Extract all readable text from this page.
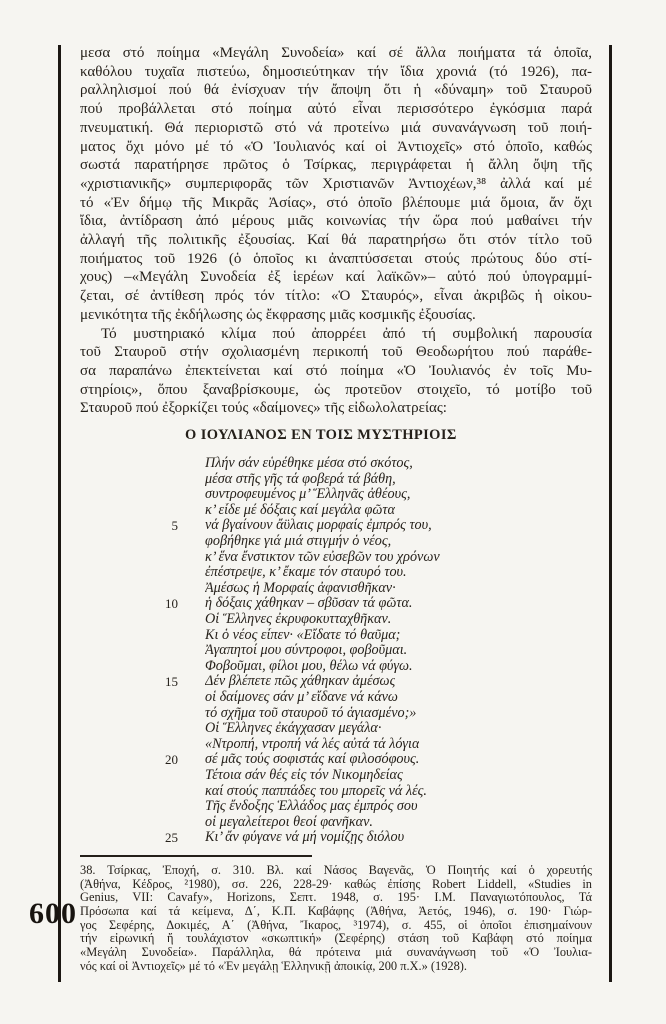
600
μεσα στό ποίημα «Μεγάλη Συνοδεία» καί σέ ἄλλα ποιήματα τά ὁποῖα,
καθόλου τυχαῖα πιστεύω, δημοσιεύτηκαν τήν ἴδια χρονιά (τό 1926), πα-
ραλληλισμοί πού θά ἐνίσχυαν τήν ἄποψη ὅτι ἡ «δύναμη» τοῦ Σταυροῦ
πού προβάλλεται στό ποίημα αὐτό εἶναι περισσότερο ἐγκόσμια παρά
πνευματική. Θά περιοριστῶ στό νά προτείνω μιά συνανάγνωση τοῦ ποιή-
ματος ὄχι μόνο μέ τό «Ὁ Ἰουλιανός καί οἱ Ἀντιοχεῖς» στό ὁποῖο, καθώς
σωστά παρατήρησε πρῶτος ὁ Τσίρκας, περιγράφεται ἡ ἄλλη ὄψη τῆς
«χριστιανικῆς» συμπεριφορᾶς τῶν Χριστιανῶν Ἀντιοχέων,³⁸ ἀλλά καί μέ
τό «Ἐν δήμῳ τῆς Μικρᾶς Ἀσίας», στό ὁποῖο βλέπουμε μιά ὅμοια, ἄν ὄχι
ἴδια, ἀντίδραση ἀπό μέρους μιᾶς κοινωνίας τήν ὥρα πού μαθαίνει τήν
ἀλλαγή τῆς πολιτικῆς ἐξουσίας. Καί θά παρατηρήσω ὅτι στόν τίτλο τοῦ
ποιήματος τοῦ 1926 (ὁ ὁποῖος κι ἀναπτύσσεται στούς πρώτους δύο στί-
χους) –«Μεγάλη Συνοδεία ἐξ ἱερέων καί λαϊκῶν»– αὐτό πού ὑπογραμμί-
ζεται, σέ ἀντίθεση πρός τόν τίτλο: «Ὁ Σταυρός», εἶναι ἀκριβῶς ἡ οἰκου-
μενικότητα τῆς ἐκδήλωσης ὡς ἔκφρασης μιᾶς κοσμικῆς ἐξουσίας.
Τό μυστηριακό κλίμα πού ἀπορρέει ἀπό τή συμβολική παρουσία
τοῦ Σταυροῦ στήν σχολιασμένη περικοπή τοῦ Θεοδωρήτου πού παράθε-
σα παραπάνω ἐπεκτείνεται καί στό ποίημα «Ὁ Ἰουλιανός ἐν τοῖς Μυ-
στηρίοις», ὅπου ξαναβρίσκουμε, ὡς προτεῦον στοιχεῖο, τό μοτίβο τοῦ
Σταυροῦ πού ἐξορκίζει τούς «δαίμονες» τῆς εἰδωλολατρείας:
Ο ΙΟΥΛΙΑΝΟΣ ΕΝ ΤΟΙΣ ΜΥΣΤΗΡΙΟΙΣ
Πλήν σάν εὑρέθηκε μέσα στό σκότος,
μέσα στῆς γῆς τά φοβερά τά βάθη,
συντροφευμένος μ’ Ἕλληνᾶς ἀθέους,
κ’ εἶδε μέ δόξαις καί μεγάλα φῶτα
5	νά βγαίνουν ἄϋλαις μορφαίς ἐμπρός του,
φοβήθηκε γιά μιά στιγμήν ὁ νέος,
κ’ ἕνα ἔνστικτον τῶν εὐσεβῶν του χρόνων
ἐπέστρεψε, κ’ ἔκαμε τόν σταυρό του.
Ἀμέσως ἡ Μορφαίς ἀφανισθῆκαν·
10	ἡ δόξαις χάθηκαν – σβῦσαν τά φῶτα.
Οἱ Ἕλληνες ἐκρυφοκυτταχθῆκαν.
Κι ὁ νέος εἶπεν· «Εἴδατε τό θαῦμα;
Ἀγαπητοί μου σύντροφοι, φοβοῦμαι.
Φοβοῦμαι, φίλοι μου, θέλω νά φύγω.
15	Δέν βλέπετε πῶς χάθηκαν ἀμέσως
οἱ δαίμονες σάν μ’ εἴδανε νά κάνω
τό σχῆμα τοῦ σταυροῦ τό ἁγιασμένο;»
Οἱ Ἕλληνες ἐκάγχασαν μεγάλα·
«Ντροπή, ντροπή νά λές αὐτά τά λόγια
20	σέ μᾶς τούς σοφιστάς καί φιλοσόφους.
Τέτοια σάν θές εἰς τόν Νικομηδείας
καί στούς παππάδες του μπορεῖς νά λές.
Τῆς ἔνδοξης Ἑλλάδος μας ἐμπρός σου
οἱ μεγαλείτεροι θεοί φανῆκαν.
25	Κι’ ἄν φύγανε νά μή νομίζῃς διόλου
38. Τσίρκας, Ἐποχή, σ. 310. Βλ. καί Νάσος Βαγενᾶς, Ὁ Ποιητής καί ὁ χορευτής
(Ἀθήνα, Κέδρος, ²1980), σσ. 226, 228-29· καθώς ἐπίσης Robert Liddell, «Studies in
Genius, VII: Cavafy», Horizons, Σεπτ. 1948, σ. 195· Ι.Μ. Παναγιωτόπουλος, Τά
Πρόσωπα καί τά κείμενα, Δ΄, Κ.Π. Καβάφης (Ἀθήνα, Ἀετός, 1946), σ. 190· Γιώρ-
γος Σεφέρης, Δοκιμές, Α΄ (Ἀθήνα, Ἴκαρος, ³1974), σ. 455, οἱ ὁποῖοι ἐπισημαίνουν
τήν εἰρωνική ἤ τουλάχιστον «σκωπτική» (Σεφέρης) στάση τοῦ Καβάφη στό ποίημα
«Μεγάλη Συνοδεία». Παράλληλα, θά πρότεινα μιά συνανάγνωση τοῦ «Ὁ Ἰουλια-
νός καί οἱ Ἀντιοχεῖς» μέ τό «Ἐν μεγάλῃ Ἑλληνικῇ ἀποικίᾳ, 200 π.Χ.» (1928).
